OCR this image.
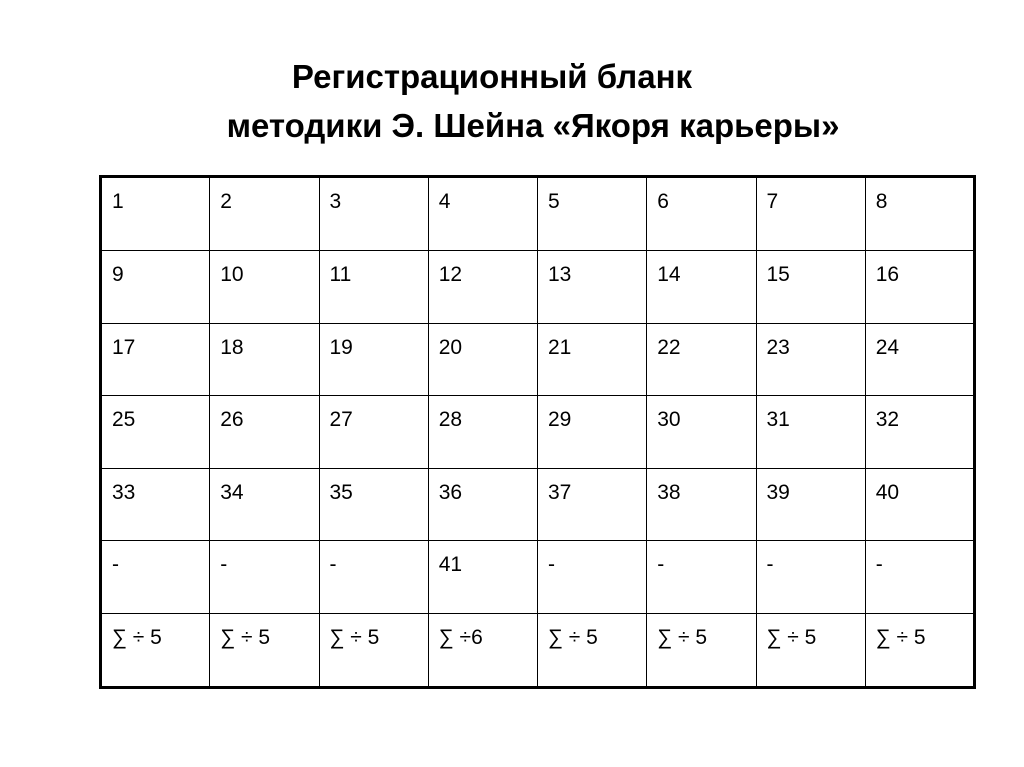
Регистрационный бланк
методики Э. Шейна «Якоря карьеры»
1	2	3	4	5	6	7	8
9	10	11	12	13	14	15	16
17	18	19	20	21	22	23	24
25	26	27	28	29	30	31	32
33	34	35	36	37	38	39	40
-	-	-	41	-	-	-	-
∑ ÷ 5	∑ ÷ 5	∑ ÷ 5	∑ ÷6	∑ ÷ 5	∑ ÷ 5	∑ ÷ 5	∑ ÷ 5
